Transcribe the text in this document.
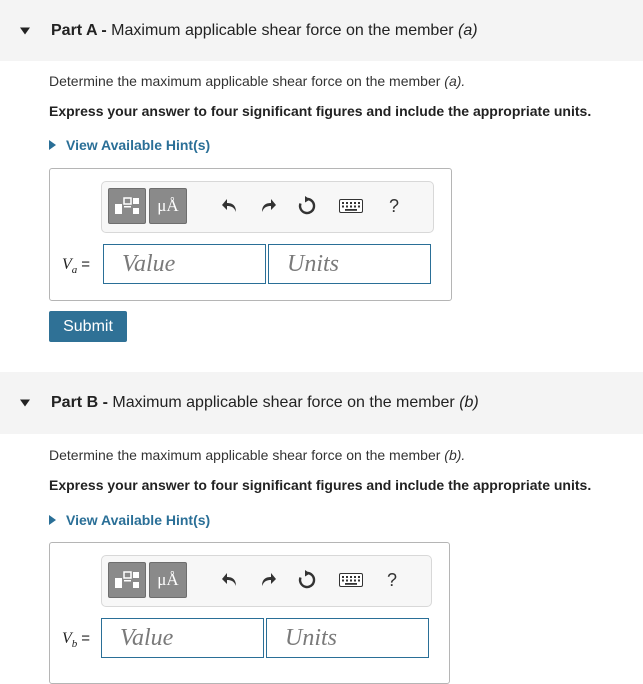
Part A - Maximum applicable shear force on the member (a)
Determine the maximum applicable shear force on the member (a).
Express your answer to four significant figures and include the appropriate units.
View Available Hint(s)
μÅ	?
$V_a$ =	Value	Units
Submit
Part B - Maximum applicable shear force on the member (b)
Determine the maximum applicable shear force on the member (b).
Express your answer to four significant figures and include the appropriate units.
View Available Hint(s)
μÅ	?
$V_b$ =	Value	Units
